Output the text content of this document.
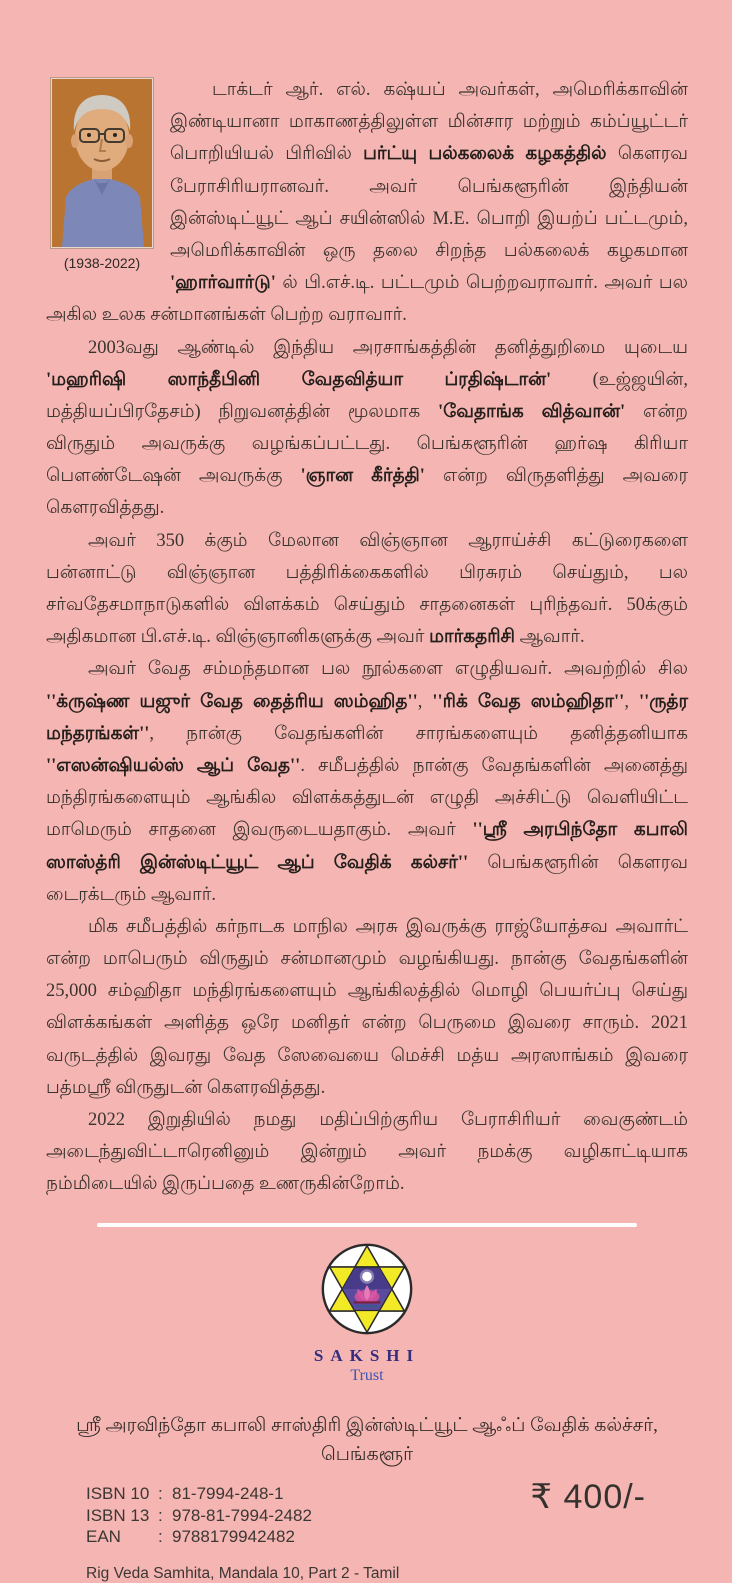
(1938-2022)

டாக்டர் ஆர். எல். கஷ்யப் அவர்கள், அமெரிக்காவின் இண்டியானா மாகாணத்திலுள்ள மின்சார மற்றும் கம்ப்யூட்டர் பொறியியல் பிரிவில் பர்ட்யு பல்கலைக் கழகத்தில் கௌரவ பேராசிரியரானவர். அவர் பெங்களூரின் இந்தியன் இன்ஸ்டிட்யூட் ஆப் சயின்ஸில் M.E. பொறி இயற்ப் பட்டமும், அமெரிக்காவின் ஒரு தலை சிறந்த பல்கலைக் கழகமான 'ஹார்வார்டு' ல் பி.எச்.டி. பட்டமும் பெற்றவராவார். அவர் பல அகில உலக சன்மானங்கள் பெற்ற வராவார்.

2003வது ஆண்டில் இந்திய அரசாங்கத்தின் தனித்துறிமை யுடைய 'மஹரிஷி ஸாந்தீபினி வேதவித்யா ப்ரதிஷ்டான்' (உஜ்ஜயின், மத்தியப்பிரதேசம்) நிறுவனத்தின் மூலமாக 'வேதாங்க வித்வான்' என்ற விருதும் அவருக்கு வழங்கப்பட்டது. பெங்களூரின் ஹர்ஷ கிரியா பௌண்டேஷன் அவருக்கு 'ஞான கீர்த்தி' என்ற விருதளித்து அவரை கௌரவித்தது.

அவர் 350 க்கும் மேலான விஞ்ஞான ஆராய்ச்சி கட்டுரைகளை பன்னாட்டு விஞ்ஞான பத்திரிக்கைகளில் பிரசுரம் செய்தும், பல சர்வதேசமாநாடுகளில் விளக்கம் செய்தும் சாதனைகள் புரிந்தவர். 50க்கும் அதிகமான பி.எச்.டி. விஞ்ஞானிகளுக்கு அவர் மார்கதரிசி ஆவார்.

அவர் வேத சம்மந்தமான பல நூல்களை எழுதியவர். அவற்றில் சில ''க்ருஷ்ண யஜுர் வேத தைத்ரிய ஸம்ஹித'', ''ரிக் வேத ஸம்ஹிதா'', ''ருத்ர மந்தரங்கள்'', நான்கு வேதங்களின் சாரங்களையும் தனித்தனியாக ''எஸன்ஷியல்ஸ் ஆப் வேத''. சமீபத்தில் நான்கு வேதங்களின் அனைத்து மந்திரங்களையும் ஆங்கில விளக்கத்துடன் எழுதி அச்சிட்டு வெளியிட்ட மாமெரும் சாதனை இவருடையதாகும். அவர் ''ஸ்ரீ அரபிந்தோ கபாலி ஸாஸ்த்ரி இன்ஸ்டிட்யூட் ஆப் வேதிக் கல்சர்'' பெங்களூரின் கௌரவ டைரக்டரும் ஆவார்.

மிக சமீபத்தில் கர்நாடக மாநில அரசு இவருக்கு ராஜ்யோத்சவ அவார்ட் என்ற மாபெரும் விருதும் சன்மானமும் வழங்கியது. நான்கு வேதங்களின் 25,000 சம்ஹிதா மந்திரங்களையும் ஆங்கிலத்தில் மொழி பெயர்ப்பு செய்து விளக்கங்கள் அளித்த ஒரே மனிதர் என்ற பெருமை இவரை சாரும். 2021 வருடத்தில் இவரது வேத ஸேவையை மெச்சி மத்ய அரஸாங்கம் இவரை பத்மஸ்ரீ விருதுடன் கௌரவித்தது.

2022 இறுதியில் நமது மதிப்பிற்குரிய பேராசிரியர் வைகுண்டம் அடைந்துவிட்டாரெனினும் இன்றும் அவர் நமக்கு வழிகாட்டியாக நம்மிடையில் இருப்பதை உணருகின்றோம்.

SAKSHI
Trust
ஸ்ரீ அரவிந்தோ கபாலி சாஸ்திரி இன்ஸ்டிட்யூட் ஆஃப் வேதிக் கல்ச்சர்,
பெங்களூர்
ISBN 10 : 81-7994-248-1
ISBN 13 : 978-81-7994-2482
EAN	: 9788179942482
₹ 400/-
Rig Veda Samhita, Mandala 10, Part 2 - Tamil
